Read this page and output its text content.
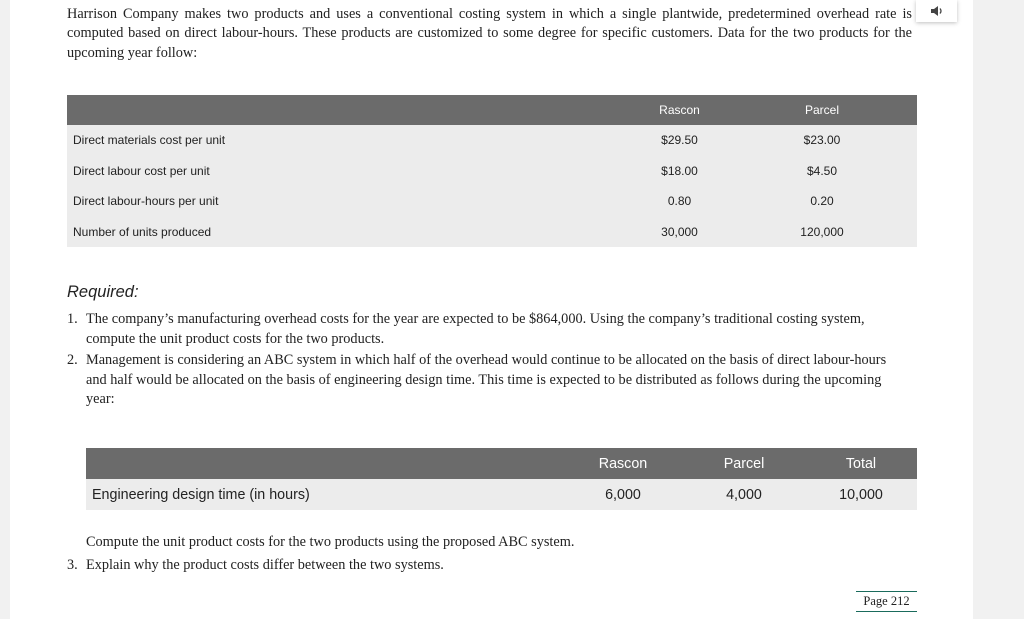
Harrison Company makes two products and uses a conventional costing system in which a single plantwide, predetermined overhead rate is computed based on direct labour-hours. These products are customized to some degree for specific customers. Data for the two products for the upcoming year follow:

	Rascon	Parcel
Direct materials cost per unit	$29.50	$23.00
Direct labour cost per unit	$18.00	$4.50
Direct labour-hours per unit	0.80	0.20
Number of units produced	30,000	120,000
Required:
1. The company’s manufacturing overhead costs for the year are expected to be $864,000. Using the company’s traditional costing system, compute the unit product costs for the two products.
2. Management is considering an ABC system in which half of the overhead would continue to be allocated on the basis of direct labour-hours and half would be allocated on the basis of engineering design time. This time is expected to be distributed as follows during the upcoming year:
	Rascon	Parcel	Total
Engineering design time (in hours)	6,000	4,000	10,000
Compute the unit product costs for the two products using the proposed ABC system.
3. Explain why the product costs differ between the two systems.
Page 212
